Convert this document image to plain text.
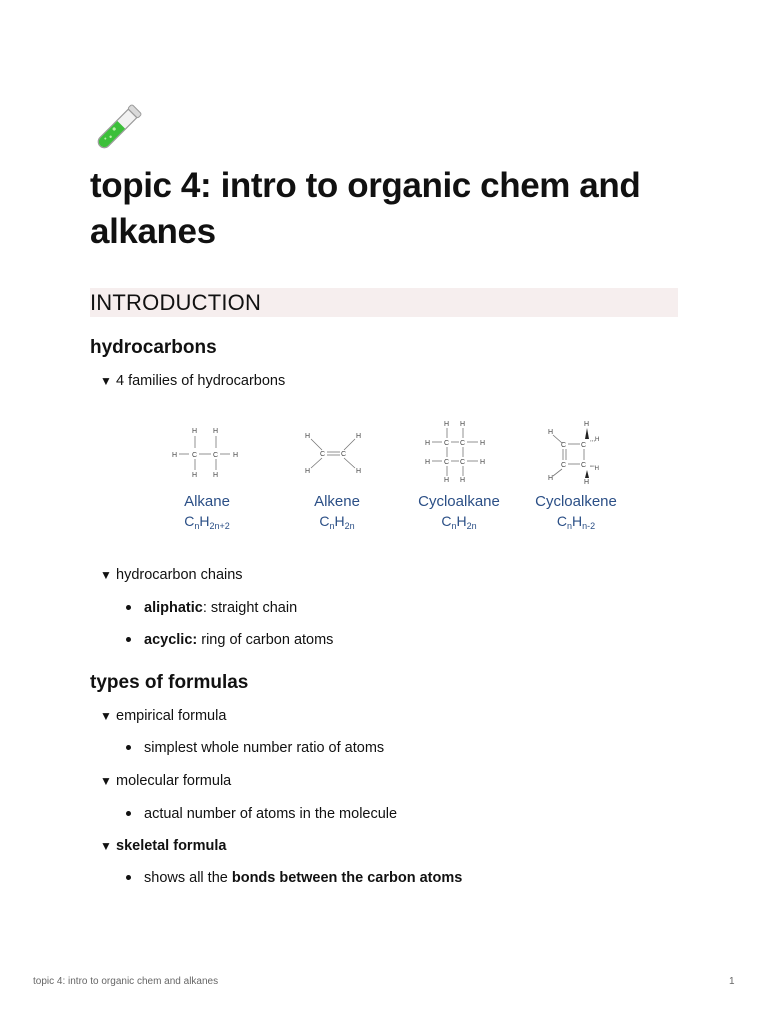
topic 4: intro to organic chem and alkanes
INTRODUCTION
hydrocarbons
▼ 4 families of hydrocarbons
H C C H
H H
H H
H	H
C C
H	H
H H
H C C H
H C C H
H H
H
H
C C
,,,H
C C ''''H
H
H
Alkane	Alkene	Cycloalkane Cycloalkene
$C_nH_{2n+2}$	$C_nH_{2n}$	$C_nH_{2n}$	$C_nH_{n-2}$
▼ hydrocarbon chains
aliphatic: straight chain
acyclic: ring of carbon atoms
types of formulas
▼ empirical formula
simplest whole number ratio of atoms
▼ molecular formula
actual number of atoms in the molecule
▼ skeletal formula
shows all the bonds between the carbon atoms
topic 4: intro to organic chem and alkanes	1
